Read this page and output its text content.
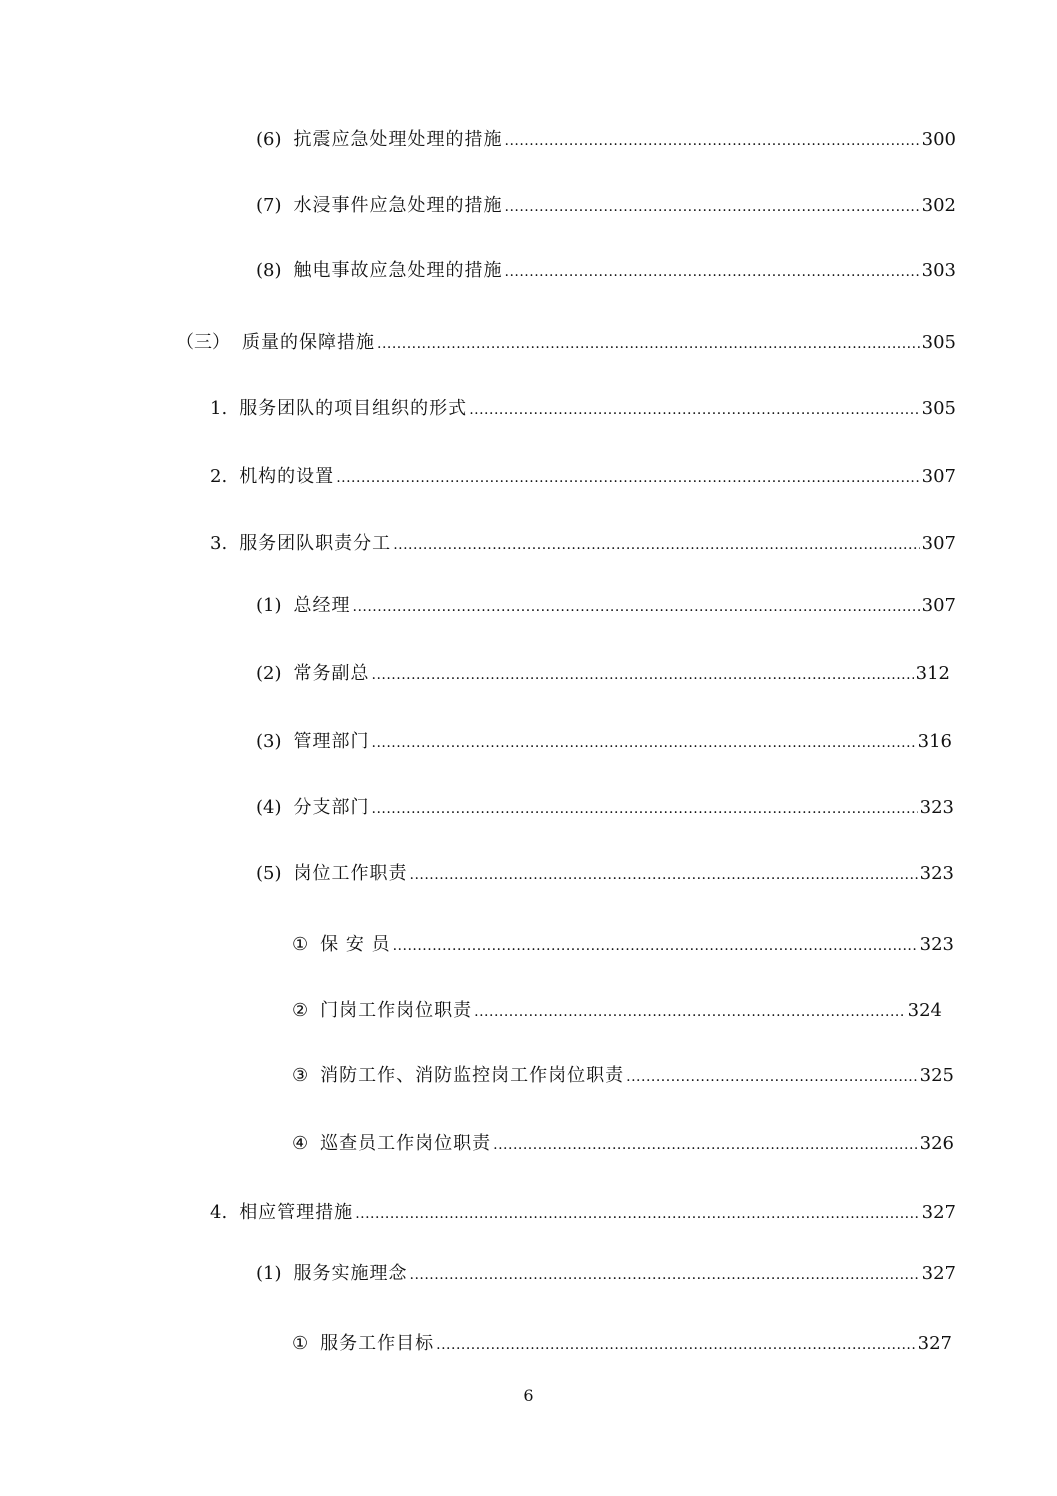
(6) 抗震应急处理处理的措施 .....	300
(7) 水浸事件应急处理的措施 .....	302
(8) 触电事故应急处理的措施 .....	303
（三） 质量的保障措施 .....	305
1. 服务团队的项目组织的形式 .....	305
2. 机构的设置 .....	307
3. 服务团队职责分工 .....	307
(1) 总经理 .....	307
(2) 常务副总 .....	312
(3) 管理部门 .....	316
(4) 分支部门 .....	323
(5) 岗位工作职责 .....	323
① 保 安 员 .....	323
② 门岗工作岗位职责 .....	324
③ 消防工作、消防监控岗工作岗位职责 .....	325
④ 巡查员工作岗位职责 .....	326
4. 相应管理措施 .....	327
(1) 服务实施理念 .....	327
① 服务工作目标 .....	327
6
